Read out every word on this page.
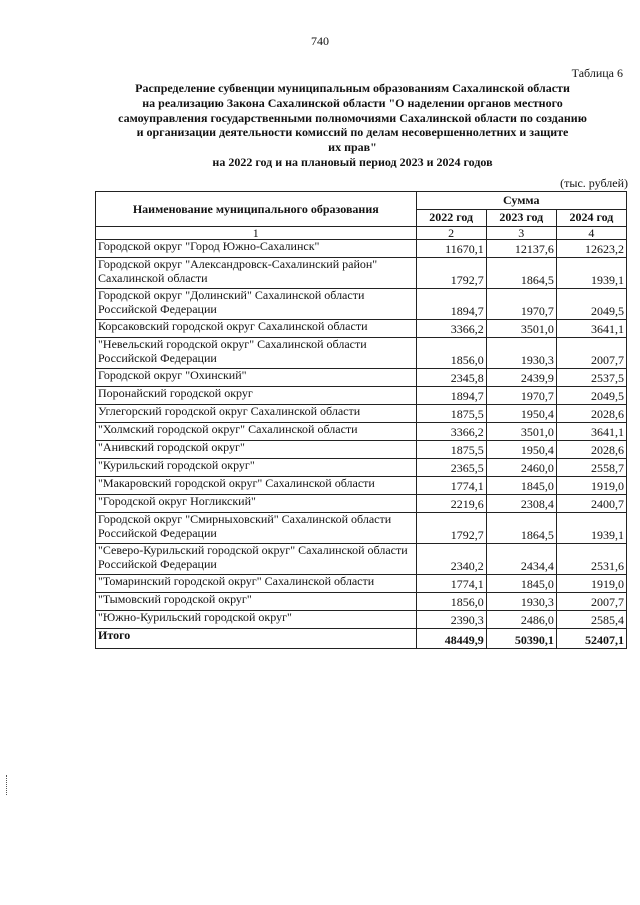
740
Таблица 6
Распределение субвенции муниципальным образованиям Сахалинской области
на реализацию Закона Сахалинской области "О наделении органов местного
самоуправления государственными полномочиями Сахалинской области по созданию
и организации деятельности комиссий по делам несовершеннолетних и защите
их прав"
на 2022 год и на плановый период 2023 и 2024 годов
(тыс. рублей)
Наименование муниципального образования	Сумма		
	2022 год	2023 год	2024 год
1	2	3	4
Городской округ "Город Южно-Сахалинск"	11670,1	12137,6	12623,2
Городской округ "Александровск-Сахалинский район" Сахалинской области	1792,7	1864,5	1939,1
Городской округ "Долинский" Сахалинской области Российской Федерации	1894,7	1970,7	2049,5
Корсаковский городской округ Сахалинской области	3366,2	3501,0	3641,1
"Невельский городской округ" Сахалинской области Российской Федерации	1856,0	1930,3	2007,7
Городской округ "Охинский"	2345,8	2439,9	2537,5
Поронайский городской округ	1894,7	1970,7	2049,5
Углегорский городской округ Сахалинской области	1875,5	1950,4	2028,6
"Холмский городской округ" Сахалинской области	3366,2	3501,0	3641,1
"Анивский городской округ"	1875,5	1950,4	2028,6
"Курильский городской округ"	2365,5	2460,0	2558,7
"Макаровский городской округ" Сахалинской области	1774,1	1845,0	1919,0
"Городской округ Ногликский"	2219,6	2308,4	2400,7
Городской округ "Смирныховский" Сахалинской области Российской Федерации	1792,7	1864,5	1939,1
"Северо-Курильский городской округ" Сахалинской области Российской Федерации	2340,2	2434,4	2531,6
"Томаринский городской округ" Сахалинской области	1774,1	1845,0	1919,0
"Тымовский городской округ"	1856,0	1930,3	2007,7
"Южно-Курильский городской округ"	2390,3	2486,0	2585,4
Итого	48449,9	50390,1	52407,1
